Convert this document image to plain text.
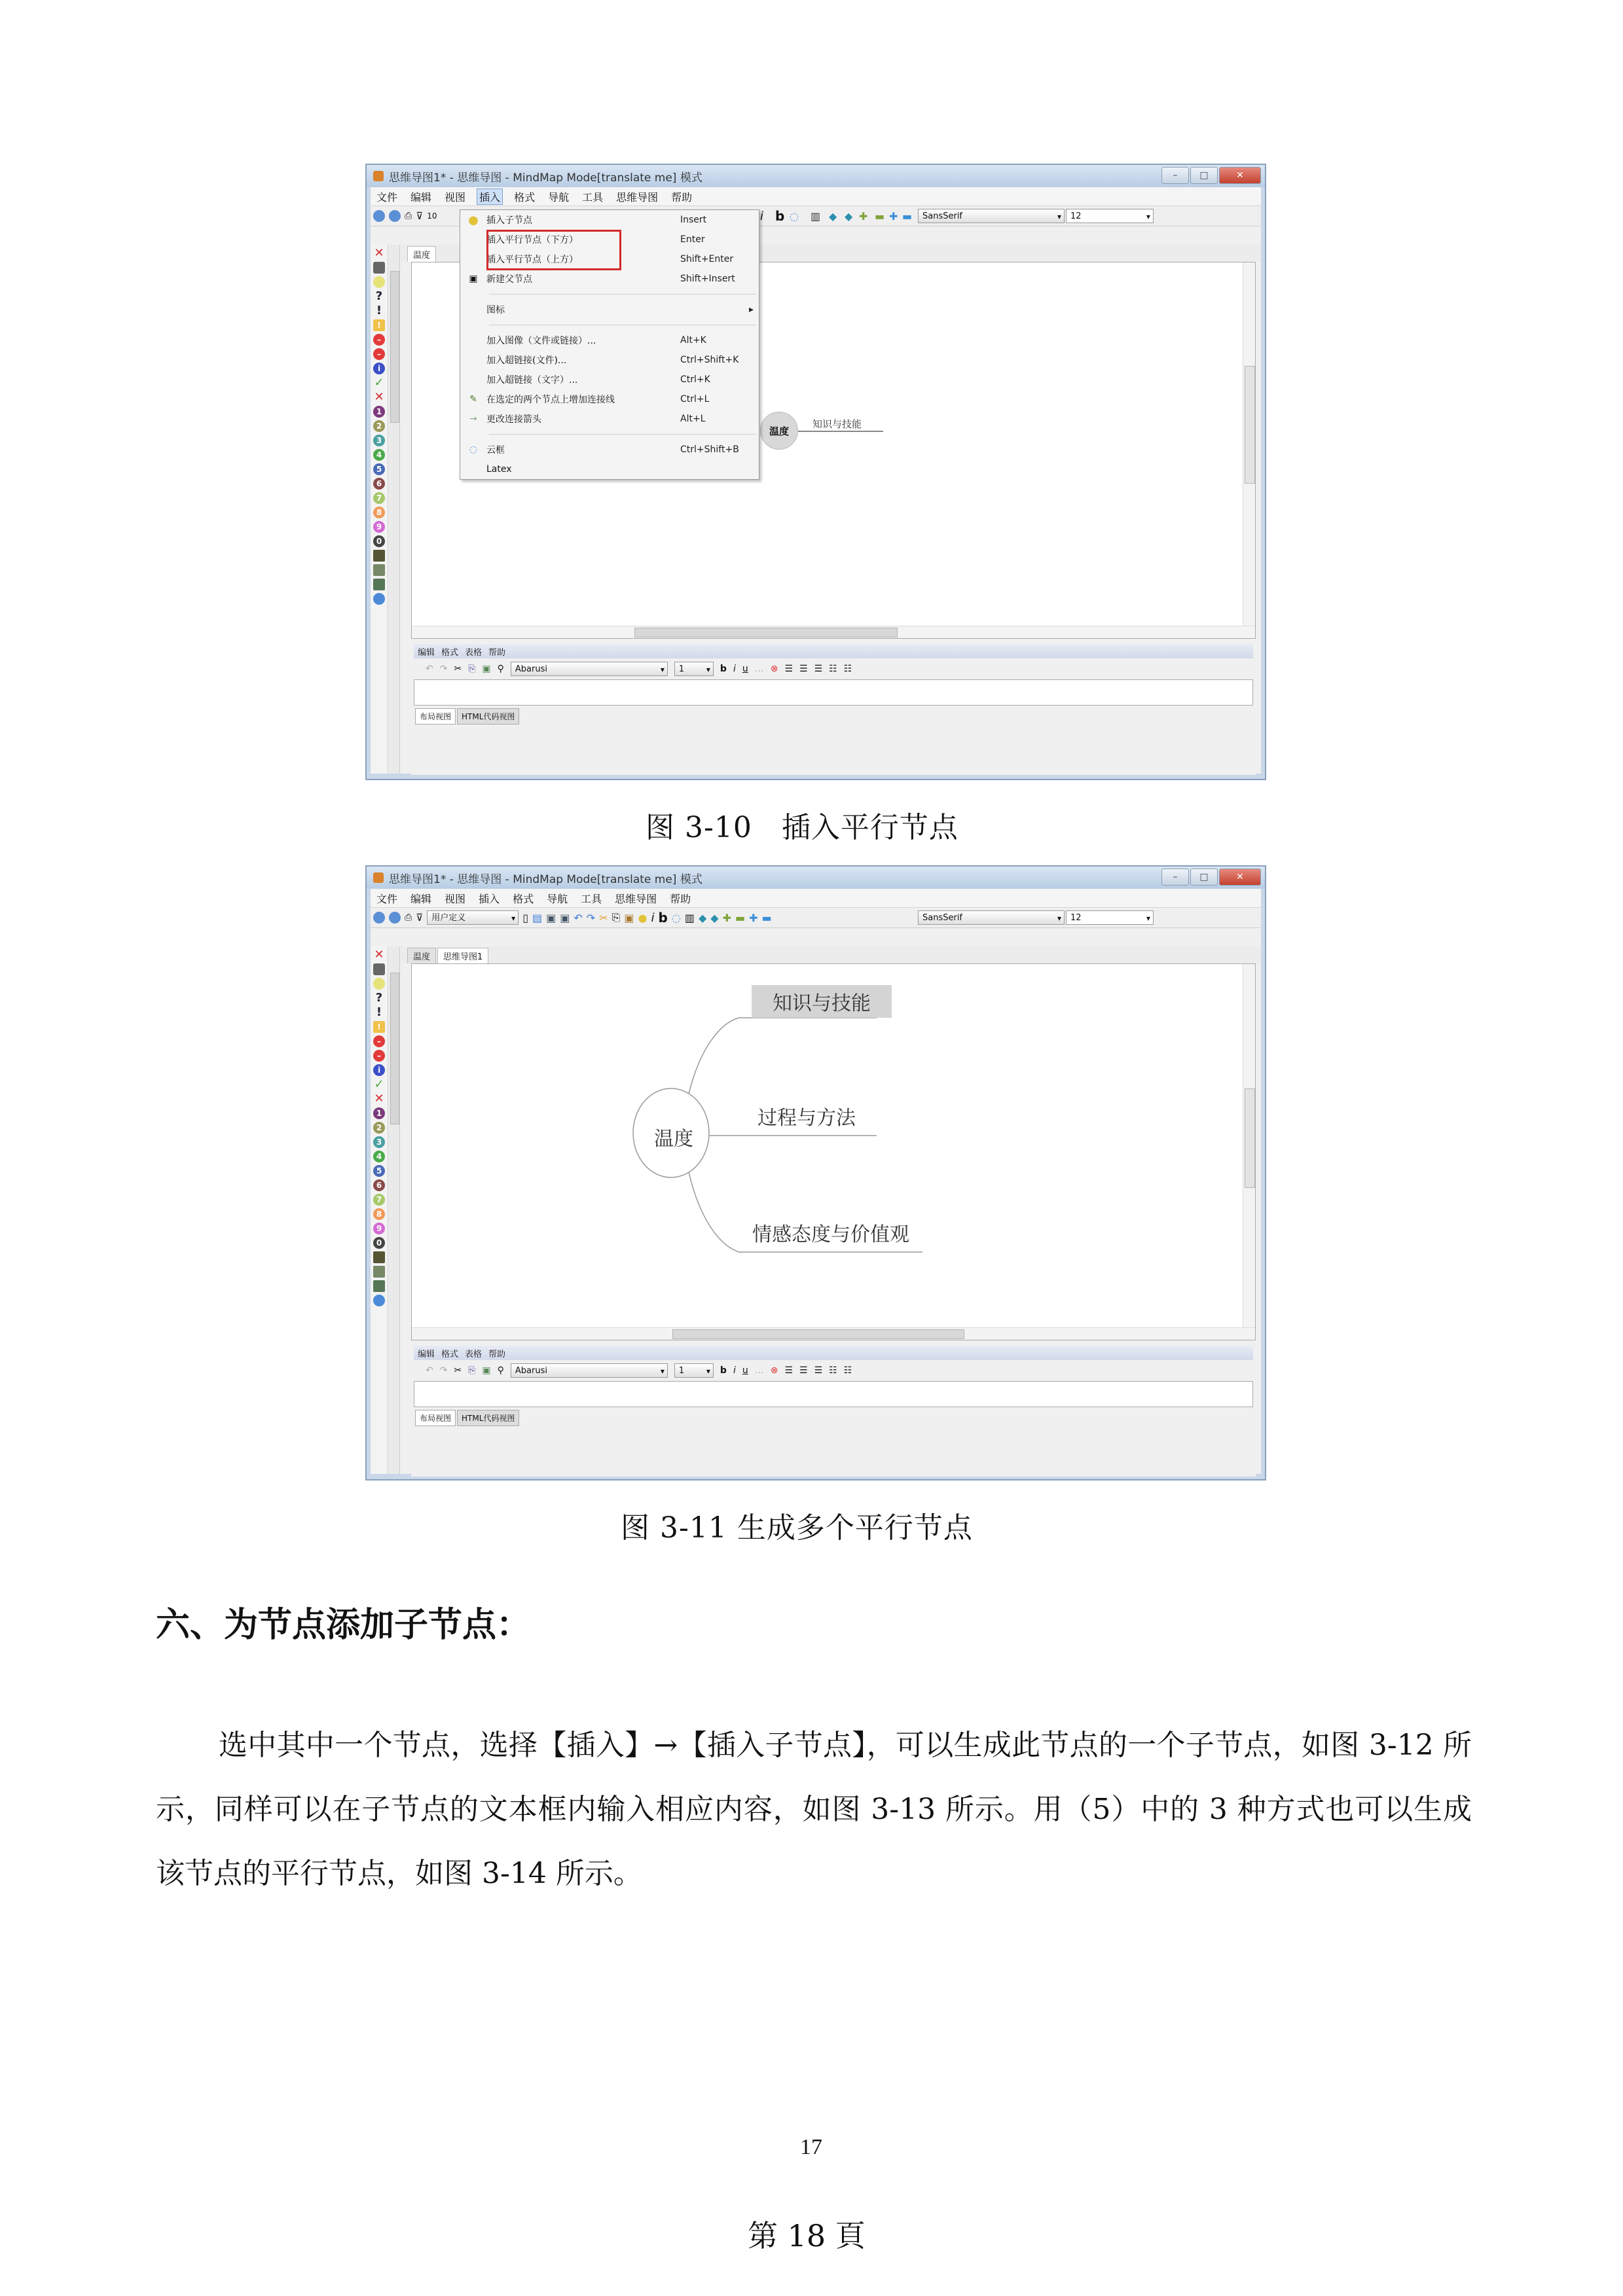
思维导图1* - 思维导图 - MindMap Mode[translate me] 模式	–	□	✕
文件 编辑 视图 插入 格式 导航 工具 思维导图 帮助
⎙ ⊽ 10	i b ◌ ▥ ◆ ◆ ✚ ▬ ✚ ▬	SansSerif ▾	12 ▾
✕
?
!
!
–
–
i
✓
✕
1
2
3
4
5
6
7
8
9
0
温度
温度
知识与技能
编辑 格式 表格 帮助
↶ ↷ ✂ ⎘ ▣ ⚲	Abarusi ▾	1 ▾	b i u … ⊗ ☰ ☰ ☰ ☷ ☷
布局视图	HTML代码视图
● 插入子节点	Insert
插入平行节点（下方）	Enter
插入平行节点（上方）	Shift+Enter
▣ 新建父节点	Shift+Insert
图标	▸
加入图像（文件或链接）...	Alt+K
加入超链接(文件)...	Ctrl+Shift+K
加入超链接（文字）...	Ctrl+K
✎	在选定的两个节点上增加连接线	Ctrl+L
→	更改连接箭头	Alt+L
◌ 云框	Ctrl+Shift+B
Latex
图 3-10　插入平行节点
思维导图1* - 思维导图 - MindMap Mode[translate me] 模式	–	□	✕
文件 编辑 视图 插入 格式 导航 工具 思维导图 帮助
⎙ ⊽	用户定义 ▾	▯ ▤ ▣ ▣ ↶ ↷ ✂ ⎘ ▣ ● i b ◌ ▥ ◆ ◆ ✚ ▬ ✚ ▬	SansSerif ▾	12 ▾
✕
?
!
!
–
–
i
✓
✕
1
2
3
4
5
6
7
8
9
0
温度	思维导图1
温度
知识与技能
过程与方法
情感态度与价值观
编辑 格式 表格 帮助
↶ ↷ ✂ ⎘ ▣ ⚲	Abarusi ▾	1 ▾	b i u … ⊗ ☰ ☰ ☰ ☷ ☷
布局视图	HTML代码视图
图 3-11 生成多个平行节点
六、为节点添加子节点：

选中其中一个节点，选择【插入】→【插入子节点】，可以生成此节点的一个子节点，如图 3-12 所示，同样可以在子节点的文本框内输入相应内容，如图 3-13 所示。用（5）中的 3 种方式也可以生成该节点的平行节点，如图 3-14 所示。

17
第 18 頁
